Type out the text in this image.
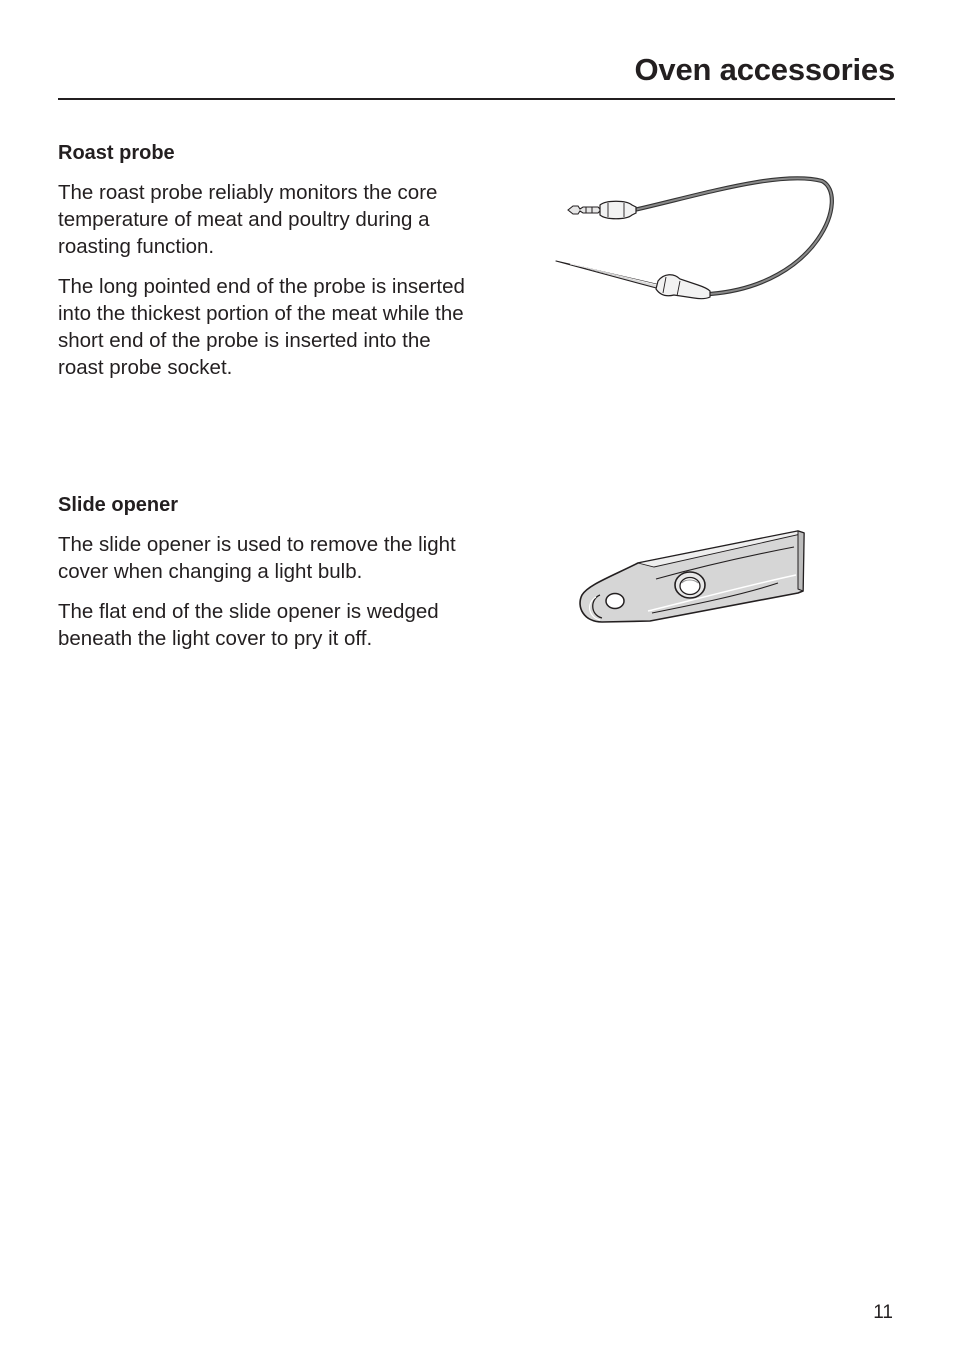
Oven accessories
Roast probe

The roast probe reliably monitors the core temperature of meat and poultry during a roasting function.

The long pointed end of the probe is inserted into the thickest portion of the meat while the short end of the probe is inserted into the roast probe socket.

Slide opener

The slide opener is used to remove the light cover when changing a light bulb.

The flat end of the slide opener is wedged beneath the light cover to pry it off.

11
